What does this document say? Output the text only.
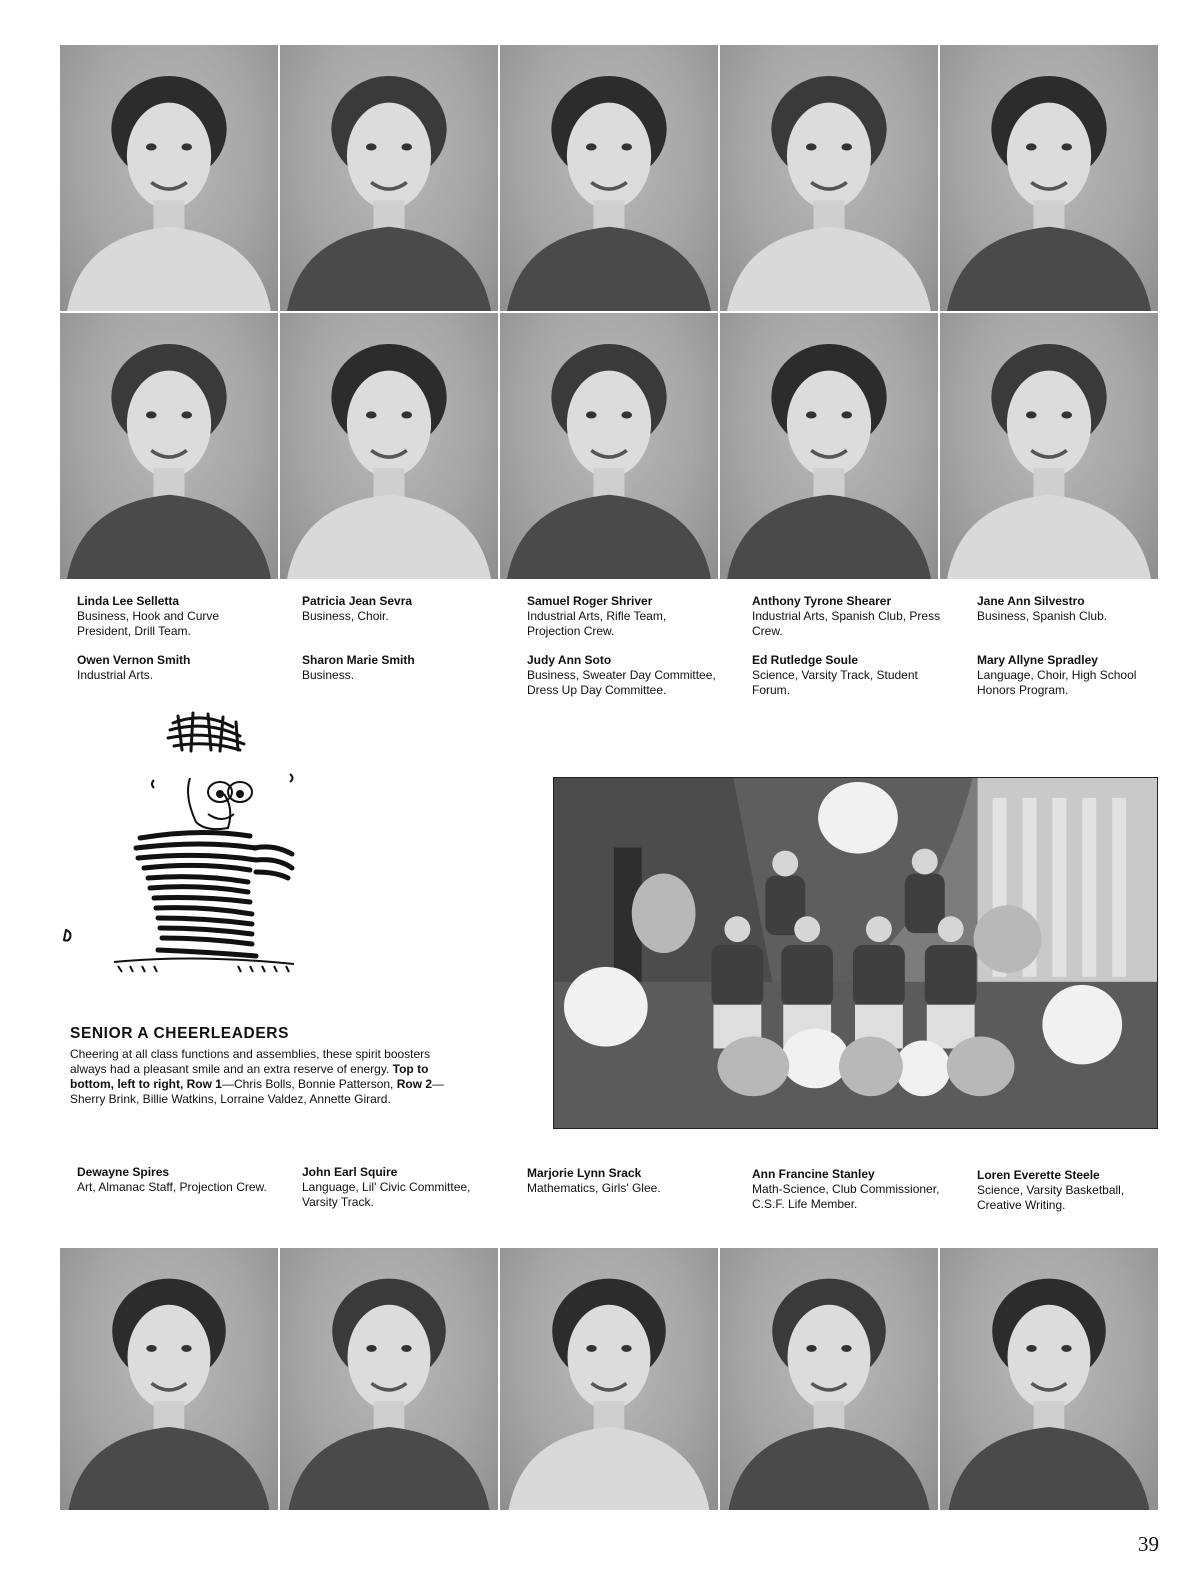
Linda Lee Selletta
Business, Hook and Curve President, Drill Team.
Patricia Jean Sevra
Business, Choir.
Samuel Roger Shriver
Industrial Arts, Rifle Team, Projection Crew.
Anthony Tyrone Shearer
Industrial Arts, Spanish Club, Press Crew.
Jane Ann Silvestro
Business, Spanish Club.
Owen Vernon Smith
Industrial Arts.
Sharon Marie Smith
Business.
Judy Ann Soto
Business, Sweater Day Committee, Dress Up Day Committee.
Ed Rutledge Soule
Science, Varsity Track, Student Forum.
Mary Allyne Spradley
Language, Choir, High School Honors Program.
SENIOR A CHEERLEADERS
Cheering at all class functions and assemblies, these spirit boosters always had a pleasant smile and an extra reserve of energy. Top to bottom, left to right, Row 1—Chris Bolls, Bonnie Patterson, Row 2—Sherry Brink, Billie Watkins, Lorraine Valdez, Annette Girard.
Dewayne Spires
Art, Almanac Staff, Projection Crew.
John Earl Squire
Language, Lil' Civic Committee, Varsity Track.
Marjorie Lynn Srack
Mathematics, Girls' Glee.
Ann Francine Stanley
Math-Science, Club Commissioner, C.S.F. Life Member.
Loren Everette Steele
Science, Varsity Basketball, Creative Writing.
39
